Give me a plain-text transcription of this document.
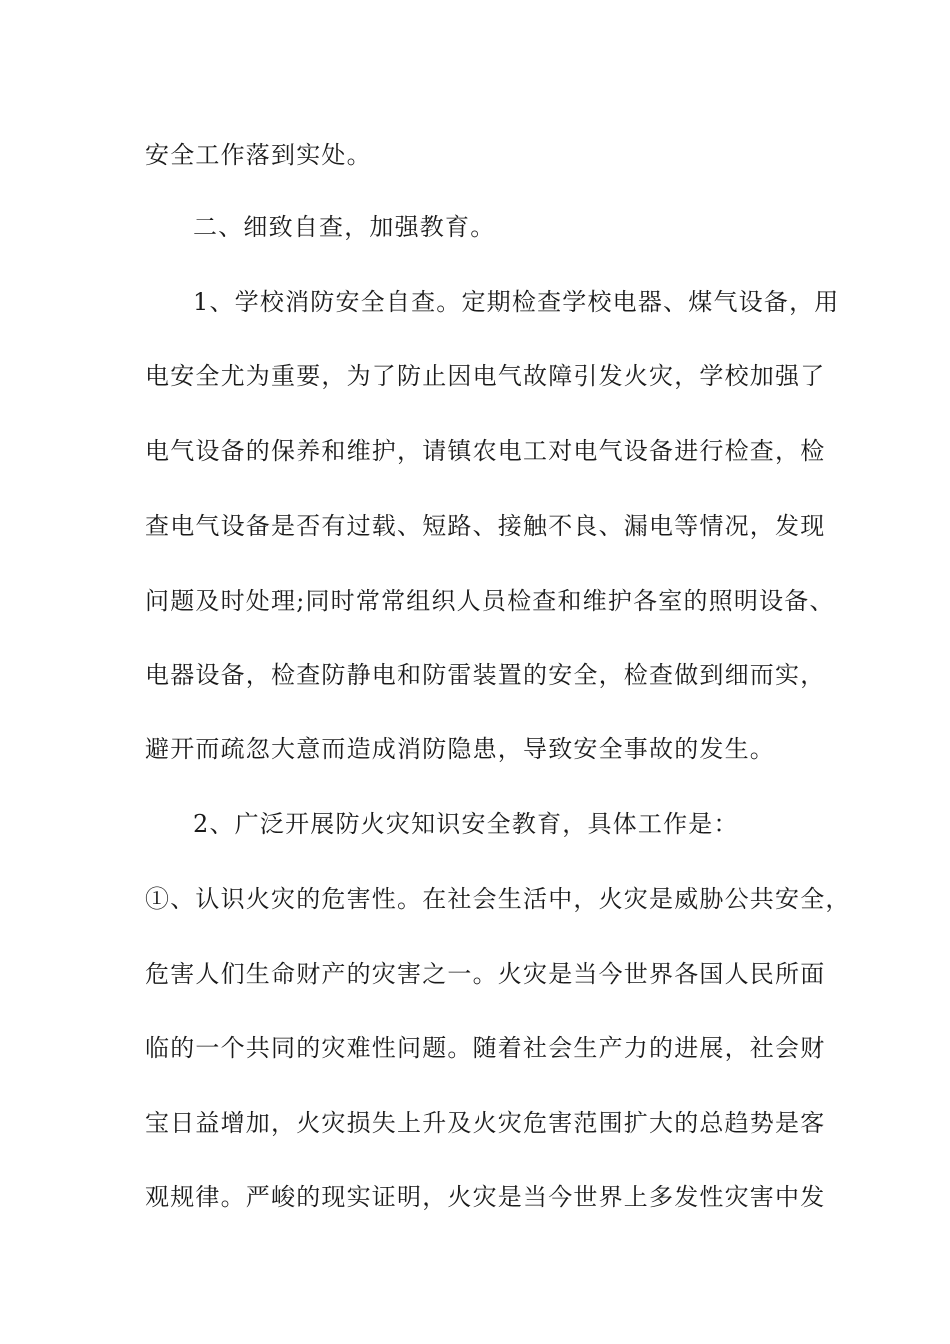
安全工作落到实处。
二、细致自查，加强教育。
1、学校消防安全自查。定期检查学校电器、煤气设备，用
电安全尤为重要，为了防止因电气故障引发火灾，学校加强了
电气设备的保养和维护，请镇农电工对电气设备进行检查，检
查电气设备是否有过载、短路、接触不良、漏电等情况，发现
问题及时处理;同时常常组织人员检查和维护各室的照明设备、
电器设备，检查防静电和防雷装置的安全，检查做到细而实，
避开而疏忽大意而造成消防隐患，导致安全事故的发生。
2、广泛开展防火灾知识安全教育，具体工作是：
①、认识火灾的危害性。在社会生活中，火灾是威胁公共安全，
危害人们生命财产的灾害之一。火灾是当今世界各国人民所面
临的一个共同的灾难性问题。随着社会生产力的进展，社会财
宝日益增加，火灾损失上升及火灾危害范围扩大的总趋势是客
观规律。严峻的现实证明，火灾是当今世界上多发性灾害中发
